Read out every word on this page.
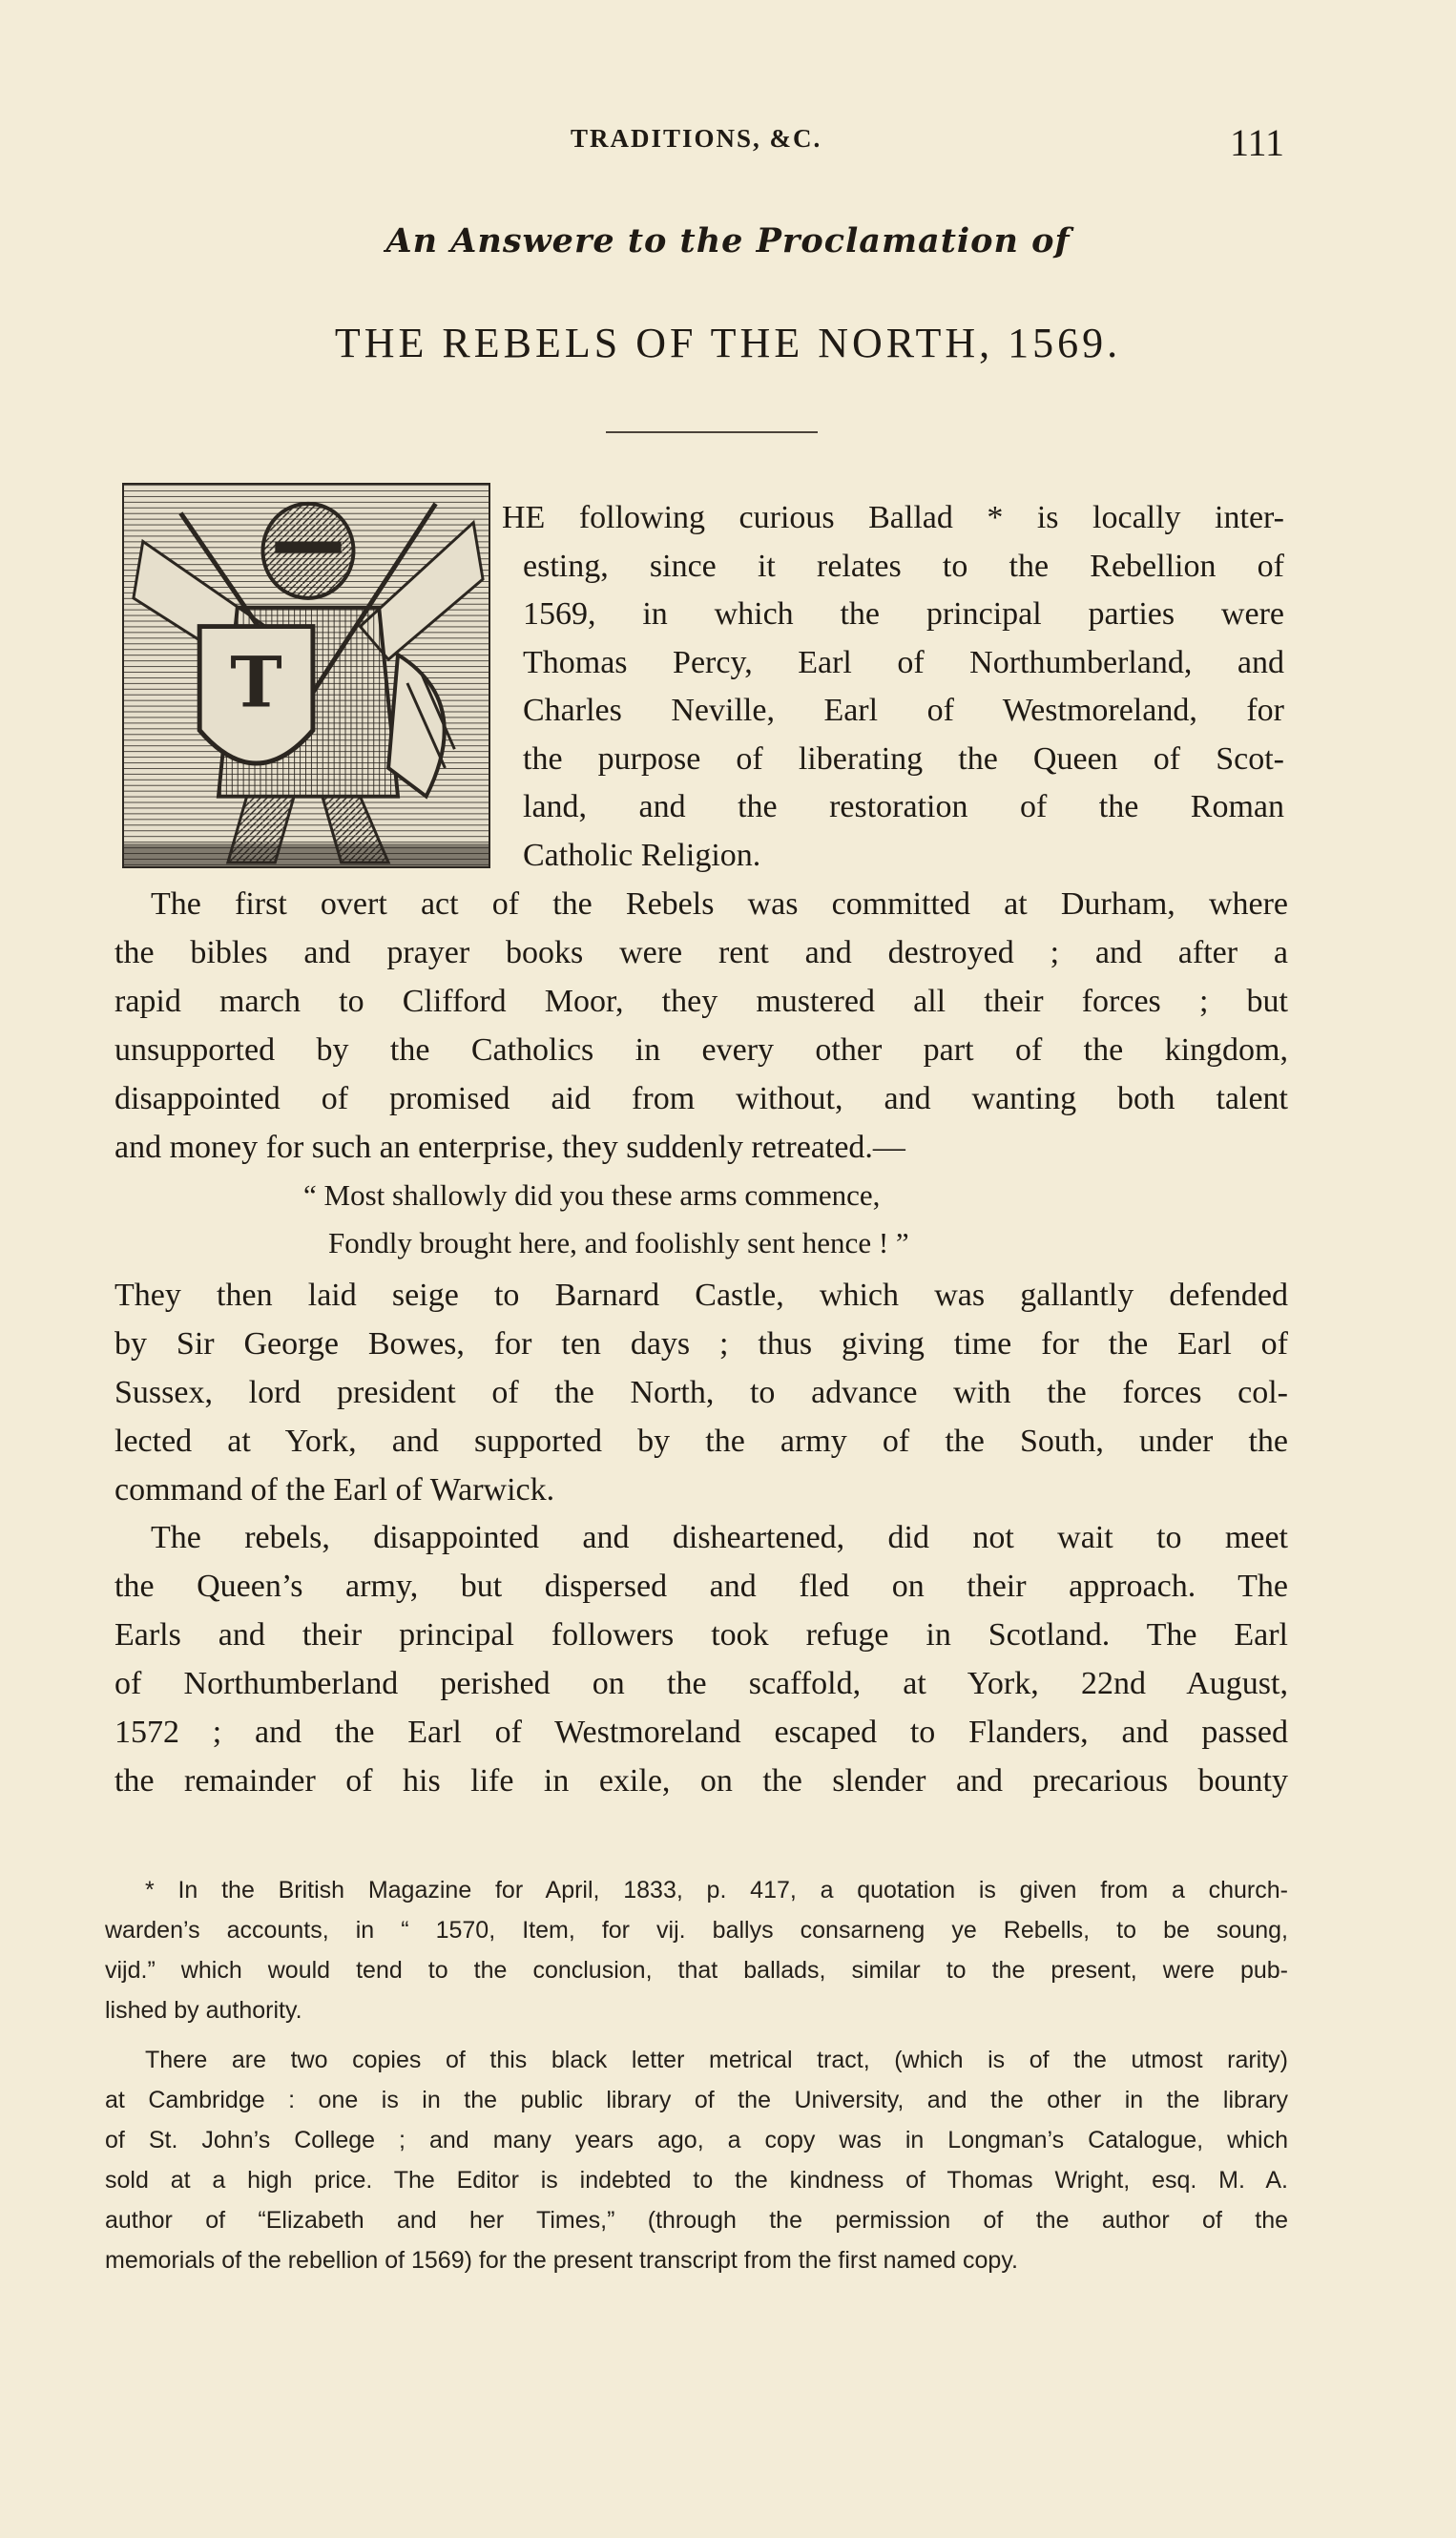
TRADITIONS, &C.	111
An Answere to the Proclamation of
THE REBELS OF THE NORTH, 1569.
T
HE following curious Ballad * is locally inter-
esting, since it relates to the Rebellion of
1569, in which the principal parties were
Thomas Percy, Earl of Northumberland, and
Charles Neville, Earl of Westmoreland, for
the purpose of liberating the Queen of Scot-
land, and the restoration of the Roman
Catholic Religion.
The first overt act of the Rebels was committed at Durham, where
the bibles and prayer books were rent and destroyed ; and after a
rapid march to Clifford Moor, they mustered all their forces ; but
unsupported by the Catholics in every other part of the kingdom,
disappointed of promised aid from without, and wanting both talent
and money for such an enterprise, they suddenly retreated.—
“ Most shallowly did you these arms commence,
Fondly brought here, and foolishly sent hence ! ”
They then laid seige to Barnard Castle, which was gallantly defended
by Sir George Bowes, for ten days ; thus giving time for the Earl of
Sussex, lord president of the North, to advance with the forces col-
lected at York, and supported by the army of the South, under the
command of the Earl of Warwick.
The rebels, disappointed and disheartened, did not wait to meet
the Queen’s army, but dispersed and fled on their approach. The
Earls and their principal followers took refuge in Scotland. The Earl
of Northumberland perished on the scaffold, at York, 22nd August,
1572 ; and the Earl of Westmoreland escaped to Flanders, and passed
the remainder of his life in exile, on the slender and precarious bounty
* In the British Magazine for April, 1833, p. 417, a quotation is given from a church-
warden’s accounts, in “ 1570, Item, for vij. ballys consarneng ye Rebells, to be soung,
vijd.” which would tend to the conclusion, that ballads, similar to the present, were pub-
lished by authority.
There are two copies of this black letter metrical tract, (which is of the utmost rarity)
at Cambridge : one is in the public library of the University, and the other in the library
of St. John’s College ; and many years ago, a copy was in Longman’s Catalogue, which
sold at a high price. The Editor is indebted to the kindness of Thomas Wright, esq. M. A.
author of “Elizabeth and her Times,” (through the permission of the author of the
memorials of the rebellion of 1569) for the present transcript from the first named copy.
